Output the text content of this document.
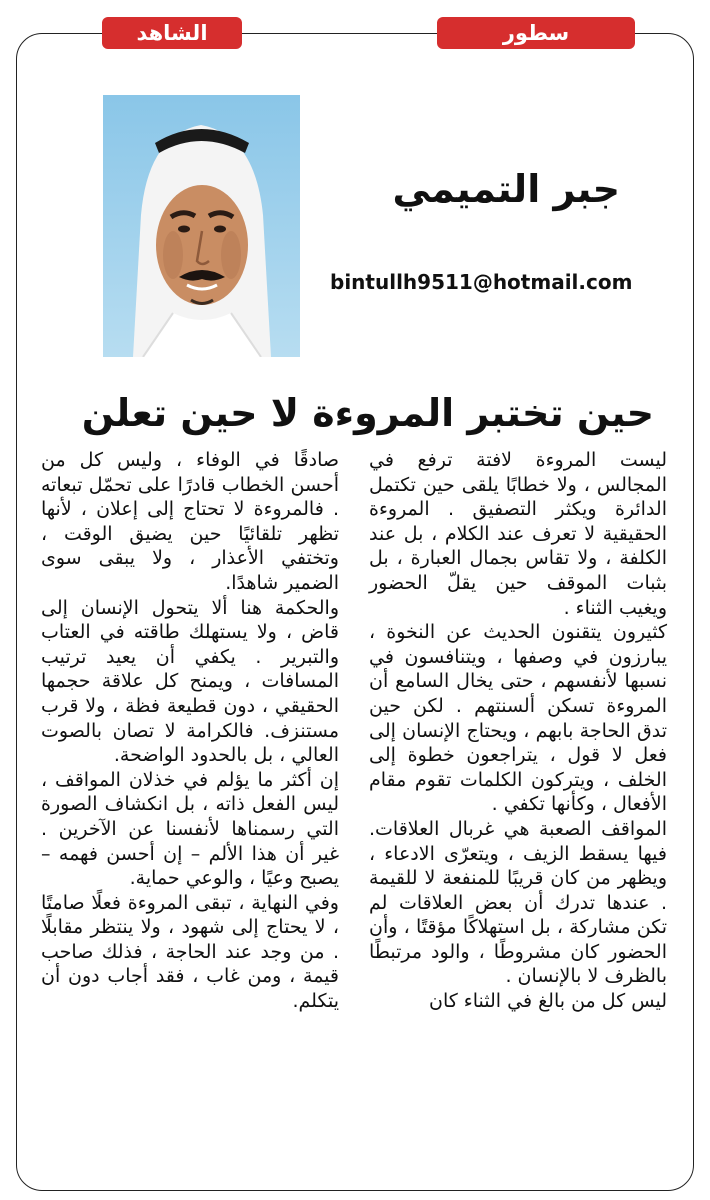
الشاهد	سطور
جبر التميمي
bintullh9511@hotmail.com
حين تختبر المروءة لا حين تعلن

ليست المروءة لافتة ترفع في المجالس ، ولا خطابًا يلقى حين تكتمل الدائرة ويكثر التصفيق . المروءة الحقيقية لا تعرف عند الكلام ، بل عند الكلفة ، ولا تقاس بجمال العبارة ، بل بثبات الموقف حين يقلّ الحضور ويغيب الثناء .

كثيرون يتقنون الحديث عن النخوة ، يبارزون في وصفها ، ويتنافسون في نسبها لأنفسهم ، حتى يخال السامع أن المروءة تسكن ألسنتهم . لكن حين تدق الحاجة بابهم ، ويحتاج الإنسان إلى فعل لا قول ، يتراجعون خطوة إلى الخلف ، ويتركون الكلمات تقوم مقام الأفعال ، وكأنها تكفي .

المواقف الصعبة هي غربال العلاقات. فيها يسقط الزيف ، ويتعرّى الادعاء ، ويظهر من كان قريبًا للمنفعة لا للقيمة . عندها تدرك أن بعض العلاقات لم تكن مشاركة ، بل استهلاكًا مؤقتًا ، وأن الحضور كان مشروطًا ، والود مرتبطًا بالظرف لا بالإنسان .

ليس كل من بالغ في الثناء كان

صادقًا في الوفاء ، وليس كل من أحسن الخطاب قادرًا على تحمّل تبعاته . فالمروءة لا تحتاج إلى إعلان ، لأنها تظهر تلقائيًا حين يضيق الوقت ، وتختفي الأعذار ، ولا يبقى سوى الضمير شاهدًا.

والحكمة هنا ألا يتحول الإنسان إلى قاض ، ولا يستهلك طاقته في العتاب والتبرير . يكفي أن يعيد ترتيب المسافات ، ويمنح كل علاقة حجمها الحقيقي ، دون قطيعة فظة ، ولا قرب مستنزف. فالكرامة لا تصان بالصوت العالي ، بل بالحدود الواضحة.

إن أكثر ما يؤلم في خذلان المواقف ، ليس الفعل ذاته ، بل انكشاف الصورة التي رسمناها لأنفسنا عن الآخرين . غير أن هذا الألم – إن أحسن فهمه – يصبح وعيًا ، والوعي حماية.

وفي النهاية ، تبقى المروءة فعلًا صامتًا ، لا يحتاج إلى شهود ، ولا ينتظر مقابلًا . من وجد عند الحاجة ، فذلك صاحب قيمة ، ومن غاب ، فقد أجاب دون أن يتكلم.
